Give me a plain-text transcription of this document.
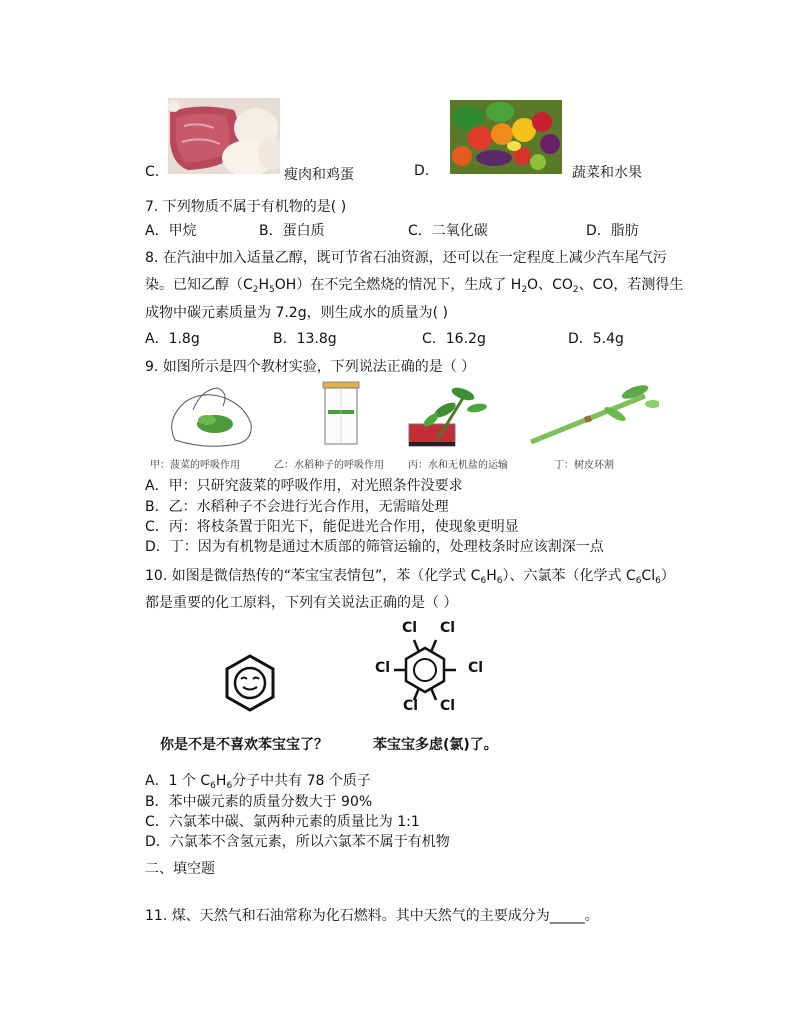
C.	瘦肉和鸡蛋	D.	蔬菜和水果
7. 下列物质不属于有机物的是( )
A．甲烷	B．蛋白质	C．二氧化碳	D．脂肪
8. 在汽油中加入适量乙醇，既可节省石油资源，还可以在一定程度上减少汽车尾气污
染。已知乙醇$(C_2H_5OH)$在不完全燃烧的情况下，生成了 $H_2O$、$CO_2$、CO，若测得生
成物中碳元素质量为 7.2g，则生成水的质量为( )
A．1.8g	B．13.8g	C．16.2g	D．5.4g
9. 如图所示是四个教材实验，下列说法正确的是（ ）
甲：菠菜的呼吸作用	乙：水稻种子的呼吸作用 丙：水和无机盐的运输	丁：树皮环割
A．甲：只研究菠菜的呼吸作用，对光照条件没要求
B．乙：水稻种子不会进行光合作用，无需暗处理
C．丙：将枝条置于阳光下，能促进光合作用，使现象更明显
D．丁：因为有机物是通过木质部的筛管运输的，处理枝条时应该割深一点
10. 如图是微信热传的“苯宝宝表情包”，苯（化学式 $C_6H_6$）、六氯苯（化学式 $C_6Cl_6$）
都是重要的化工原料，下列有关说法正确的是（ ）
Cl Cl
Cl	Cl
Cl Cl
你是不是不喜欢苯宝宝了？	苯宝宝多虑(氯)了。
A．1 个 $C_6H_6$分子中共有 78 个质子
B．苯中碳元素的质量分数大于 90%
C．六氯苯中碳、氯两种元素的质量比为 1:1
D．六氯苯不含氢元素，所以六氯苯不属于有机物
二、填空题
11. 煤、天然气和石油常称为化石燃料。其中天然气的主要成分为_____。
